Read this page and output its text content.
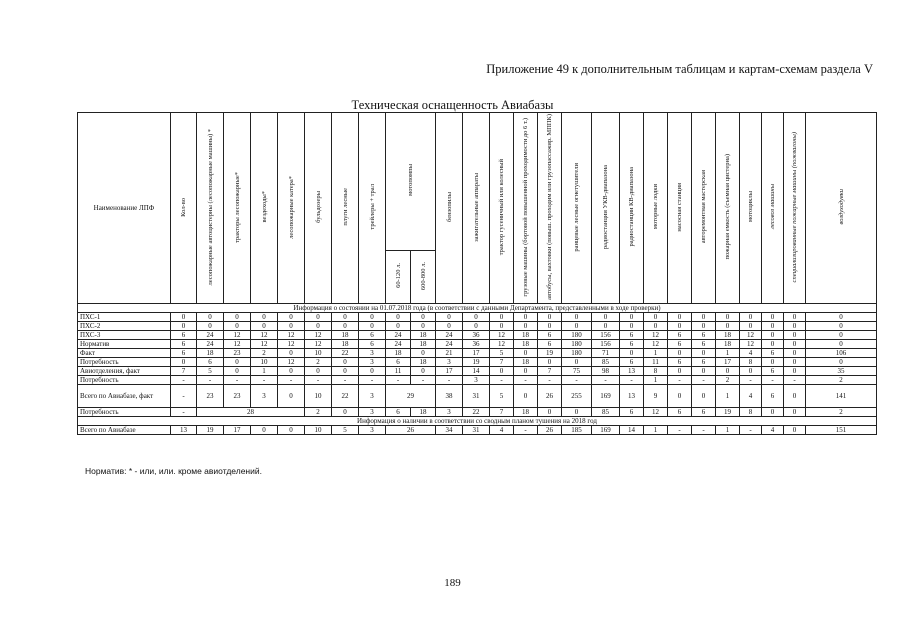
Приложение 49 к дополнительным таблицам и картам-схемам раздела V
Техническая оснащенность Авиабазы
Наименование ЛПФ	Кол-во	лесопожарные автоцистерны (лесопожарные машины) *	тракторы лесопожарные*	вездеходы*	лесопожарные катера*	бульдозеры	плуги лесные	трейлеры + трал	мотопомпы		бензопилы	зажигательные аппараты	трактор гусеничный или колесный	грузовые машины (бортовой повышенной проходимости до 6 т.)	автобусы, вахтовки (повыш. проходим или грузопассажир. МППК)	ранцевые лесные огнетушители	радиостанции УКВ-диапазона	радиостанции КВ-диапазона	моторные лодки	насосная станция	авторемонтная мастерская	пожарная емкость (съемная цистерна)	мотоциклы	лесовоз машины	специализированные пожарные машины (пожвагоны)	воздуходувки
									60-120 л.	600-800 л.																
Информация о состоянии на 01.07.2018 года (в соответствии с данными Департамента, представленными в ходе проверки)																										
ПХС-1	0	0	0	0	0	0	0	0	0	0	0	0	0	0	0	0	0	0	0	0	0	0	0	0	0	0
ПХС-2	0	0	0	0	0	0	0	0	0	0	0	0	0	0	0	0	0	0	0	0	0	0	0	0	0	0
ПХС-3	6	24	12	12	12	12	18	6	24	18	24	36	12	18	6	180	156	6	12	6	6	18	12	0	0	0
Норматив	6	24	12	12	12	12	18	6	24	18	24	36	12	18	6	180	156	6	12	6	6	18	12	0	0	0
Факт	6	18	23	2	0	10	22	3	18	0	21	17	5	0	19	180	71	0	1	0	0	1	4	6	0	106
Потребность	0	6	0	10	12	2	0	3	6	18	3	19	7	18	0	0	85	6	11	6	6	17	8	0	0	0
Авиотделения, факт	7	5	0	1	0	0	0	0	11	0	17	14	0	0	7	75	98	13	8	0	0	0	0	6	0	35
Потребность	-	-	-	-	-	-	-	-	-	-	-	3	-	-	-	-	-	-	1	-	-	2	-	-	-	2
Всего по Авиабазе, факт	-	23	23	3	0	10	22	3	29		38	31	5	0	26	255	169	13	9	0	0	1	4	6	0	141
Потребность	-	28				2	0	3	6	18	3	22	7	18	0	0	85	6	12	6	6	19	8	0	0	2
Информация о наличии в соответствии со сводным планом тушения на 2018 год																										
Всего по Авиабазе	13	19	17	0	0	10	5	3	26		34	31	4	-	26	185	169	14	1	-	-	1	-	4	0	151
Норматив: * - или, или. кроме авиотделений.
189
